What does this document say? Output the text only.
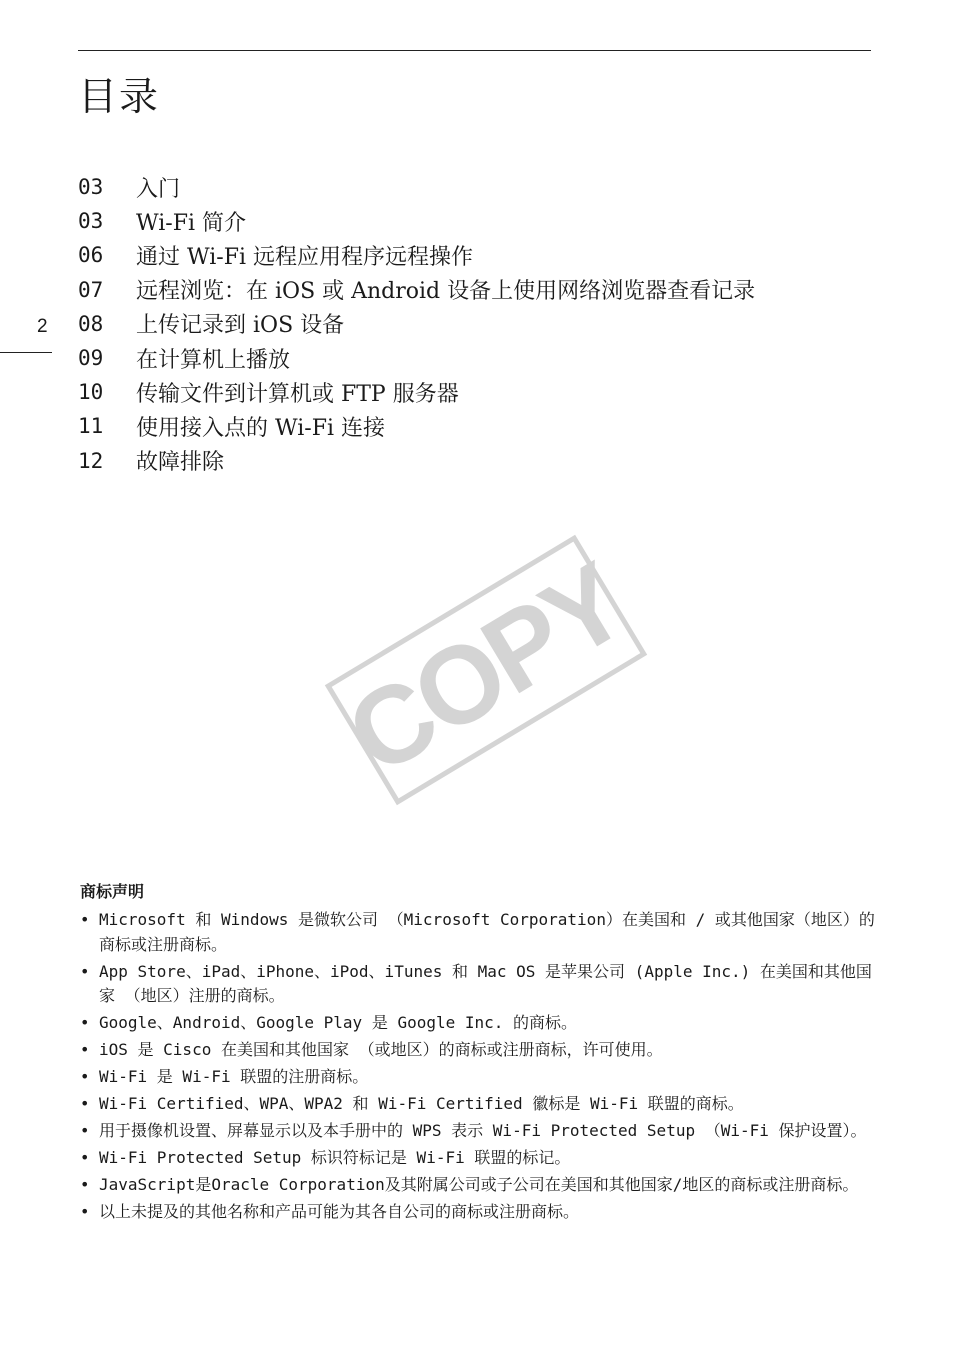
目录
2
03	入门
03	Wi-Fi 简介
06	通过 Wi-Fi 远程应用程序远程操作
07	远程浏览：在 iOS 或 Android 设备上使用网络浏览器查看记录
08	上传记录到 iOS 设备
09	在计算机上播放
10	传输文件到计算机或 FTP 服务器
11	使用接入点的 Wi-Fi 连接
12	故障排除
COPY
商标声明
• Microsoft 和 Windows 是微软公司 （Microsoft Corporation）在美国和 / 或其他国家（地区）的商标或注册商标。
• App Store、iPad、iPhone、iPod、iTunes 和 Mac OS 是苹果公司 (Apple Inc.) 在美国和其他国家 （地区）注册的商标。
• Google、Android、Google Play 是 Google Inc. 的商标。
• iOS 是 Cisco 在美国和其他国家 （或地区）的商标或注册商标，许可使用。
• Wi-Fi 是 Wi-Fi 联盟的注册商标。
• Wi-Fi Certified、WPA、WPA2 和 Wi-Fi Certified 徽标是 Wi-Fi 联盟的商标。
• 用于摄像机设置、屏幕显示以及本手册中的 WPS 表示 Wi-Fi Protected Setup （Wi-Fi 保护设置）。
• Wi-Fi Protected Setup 标识符标记是 Wi-Fi 联盟的标记。
• JavaScript是Oracle Corporation及其附属公司或子公司在美国和其他国家/地区的商标或注册商标。
• 以上未提及的其他名称和产品可能为其各自公司的商标或注册商标。
